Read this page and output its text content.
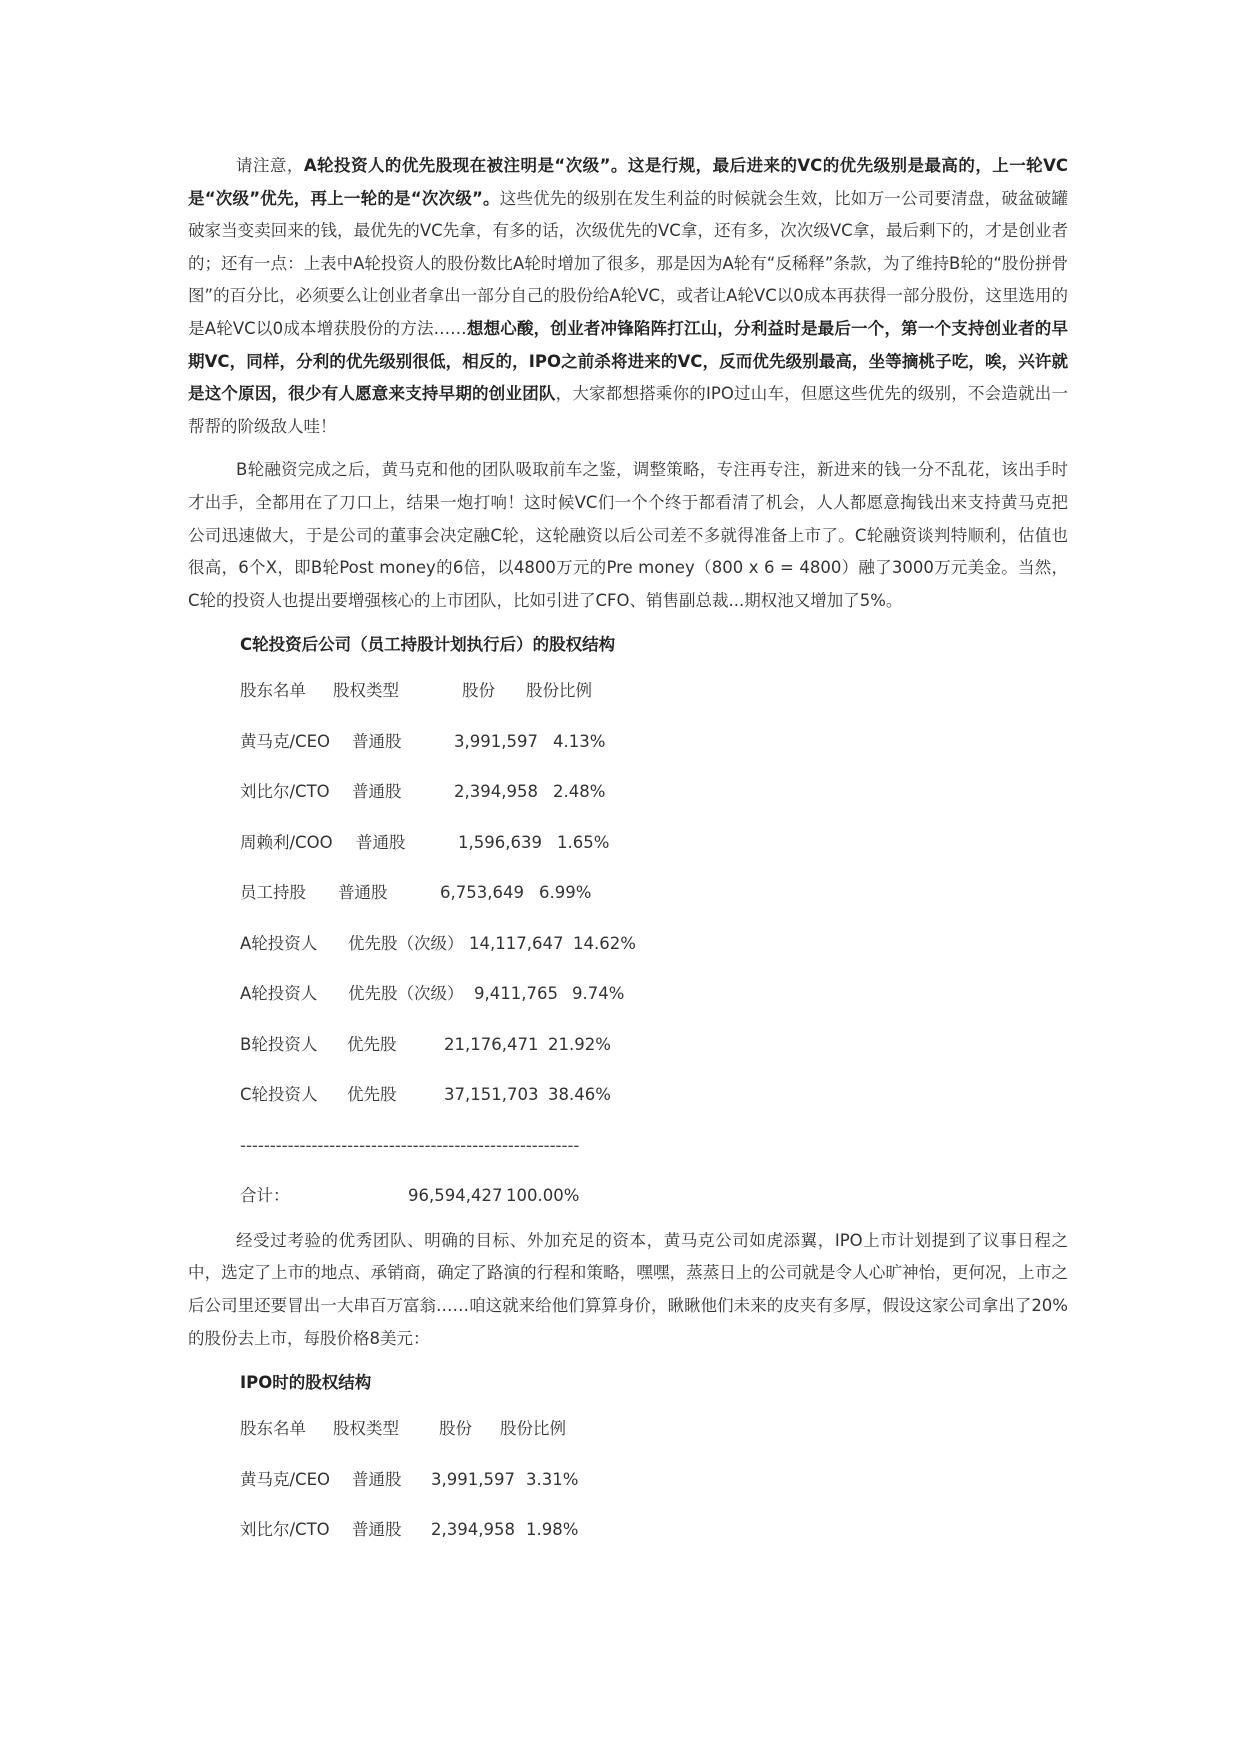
请注意，A轮投资人的优先股现在被注明是“次级”。这是行规，最后进来的VC的优先级别是最高的，上一轮VC是“次级”优先，再上一轮的是“次次级”。这些优先的级别在发生利益的时候就会生效，比如万一公司要清盘，破盆破罐破家当变卖回来的钱，最优先的VC先拿，有多的话，次级优先的VC拿，还有多，次次级VC拿，最后剩下的，才是创业者的；还有一点：上表中A轮投资人的股份数比A轮时增加了很多，那是因为A轮有“反稀释”条款，为了维持B轮的“股份拼骨图”的百分比，必须要么让创业者拿出一部分自己的股份给A轮VC，或者让A轮VC以0成本再获得一部分股份，这里选用的是A轮VC以0成本增获股份的方法……想想心酸，创业者冲锋陷阵打江山，分利益时是最后一个，第一个支持创业者的早期VC，同样，分利的优先级别很低，相反的，IPO之前杀将进来的VC，反而优先级别最高，坐等摘桃子吃，唉，兴许就是这个原因，很少有人愿意来支持早期的创业团队，大家都想搭乘你的IPO过山车，但愿这些优先的级别，不会造就出一帮帮的阶级敌人哇！

B轮融资完成之后，黄马克和他的团队吸取前车之鉴，调整策略，专注再专注，新进来的钱一分不乱花，该出手时才出手，全都用在了刀口上，结果一炮打响！这时候VC们一个个终于都看清了机会，人人都愿意掏钱出来支持黄马克把公司迅速做大，于是公司的董事会决定融C轮，这轮融资以后公司差不多就得准备上市了。C轮融资谈判特顺利，估值也很高，6个X，即B轮Post money的6倍，以4800万元的Pre money（800 x 6 = 4800）融了3000万元美金。当然，C轮的投资人也提出要增强核心的上市团队，比如引进了CFO、销售副总裁...期权池又增加了5%。

C轮投资后公司（员工持股计划执行后）的股权结构
股东名单 股权类型	股份 股份比例
黄马克/CEO 普通股	3,991,597 4.13%
刘比尔/CTO 普通股	2,394,958 2.48%
周赖利/COO 普通股	1,596,639 1.65%
员工持股 普通股	6,753,649 6.99%
A轮投资人 优先股（次级） 14,117,647 14.62%
A轮投资人 优先股（次级） 9,411,765 9.74%
B轮投资人 优先股	21,176,471 21.92%
C轮投资人 优先股	37,151,703 38.46%
---------------------------------------------------------
合计：	96,594,427 100.00%

经受过考验的优秀团队、明确的目标、外加充足的资本，黄马克公司如虎添翼，IPO上市计划提到了议事日程之中，选定了上市的地点、承销商，确定了路演的行程和策略，嘿嘿，蒸蒸日上的公司就是令人心旷神怡，更何况，上市之后公司里还要冒出一大串百万富翁……咱这就来给他们算算身价，瞅瞅他们未来的皮夹有多厚，假设这家公司拿出了20%的股份去上市，每股价格8美元：

IPO时的股权结构
股东名单 股权类型 股份 股份比例
黄马克/CEO 普通股 3,991,597 3.31%
刘比尔/CTO 普通股 2,394,958 1.98%
